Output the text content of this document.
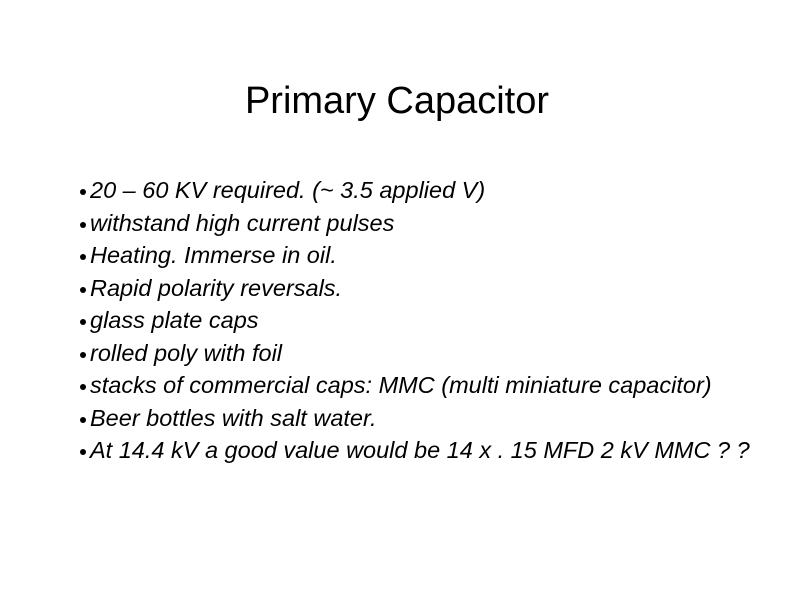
Primary Capacitor
20 – 60 KV required. (~ 3.5 applied V)
withstand high current pulses
Heating. Immerse in oil.
Rapid polarity reversals.
glass plate caps
rolled poly with foil
stacks of commercial caps: MMC (multi miniature capacitor)
Beer bottles with salt water.
At 14.4 kV a good value would be 14 x . 15 MFD 2 kV MMC ? ?
